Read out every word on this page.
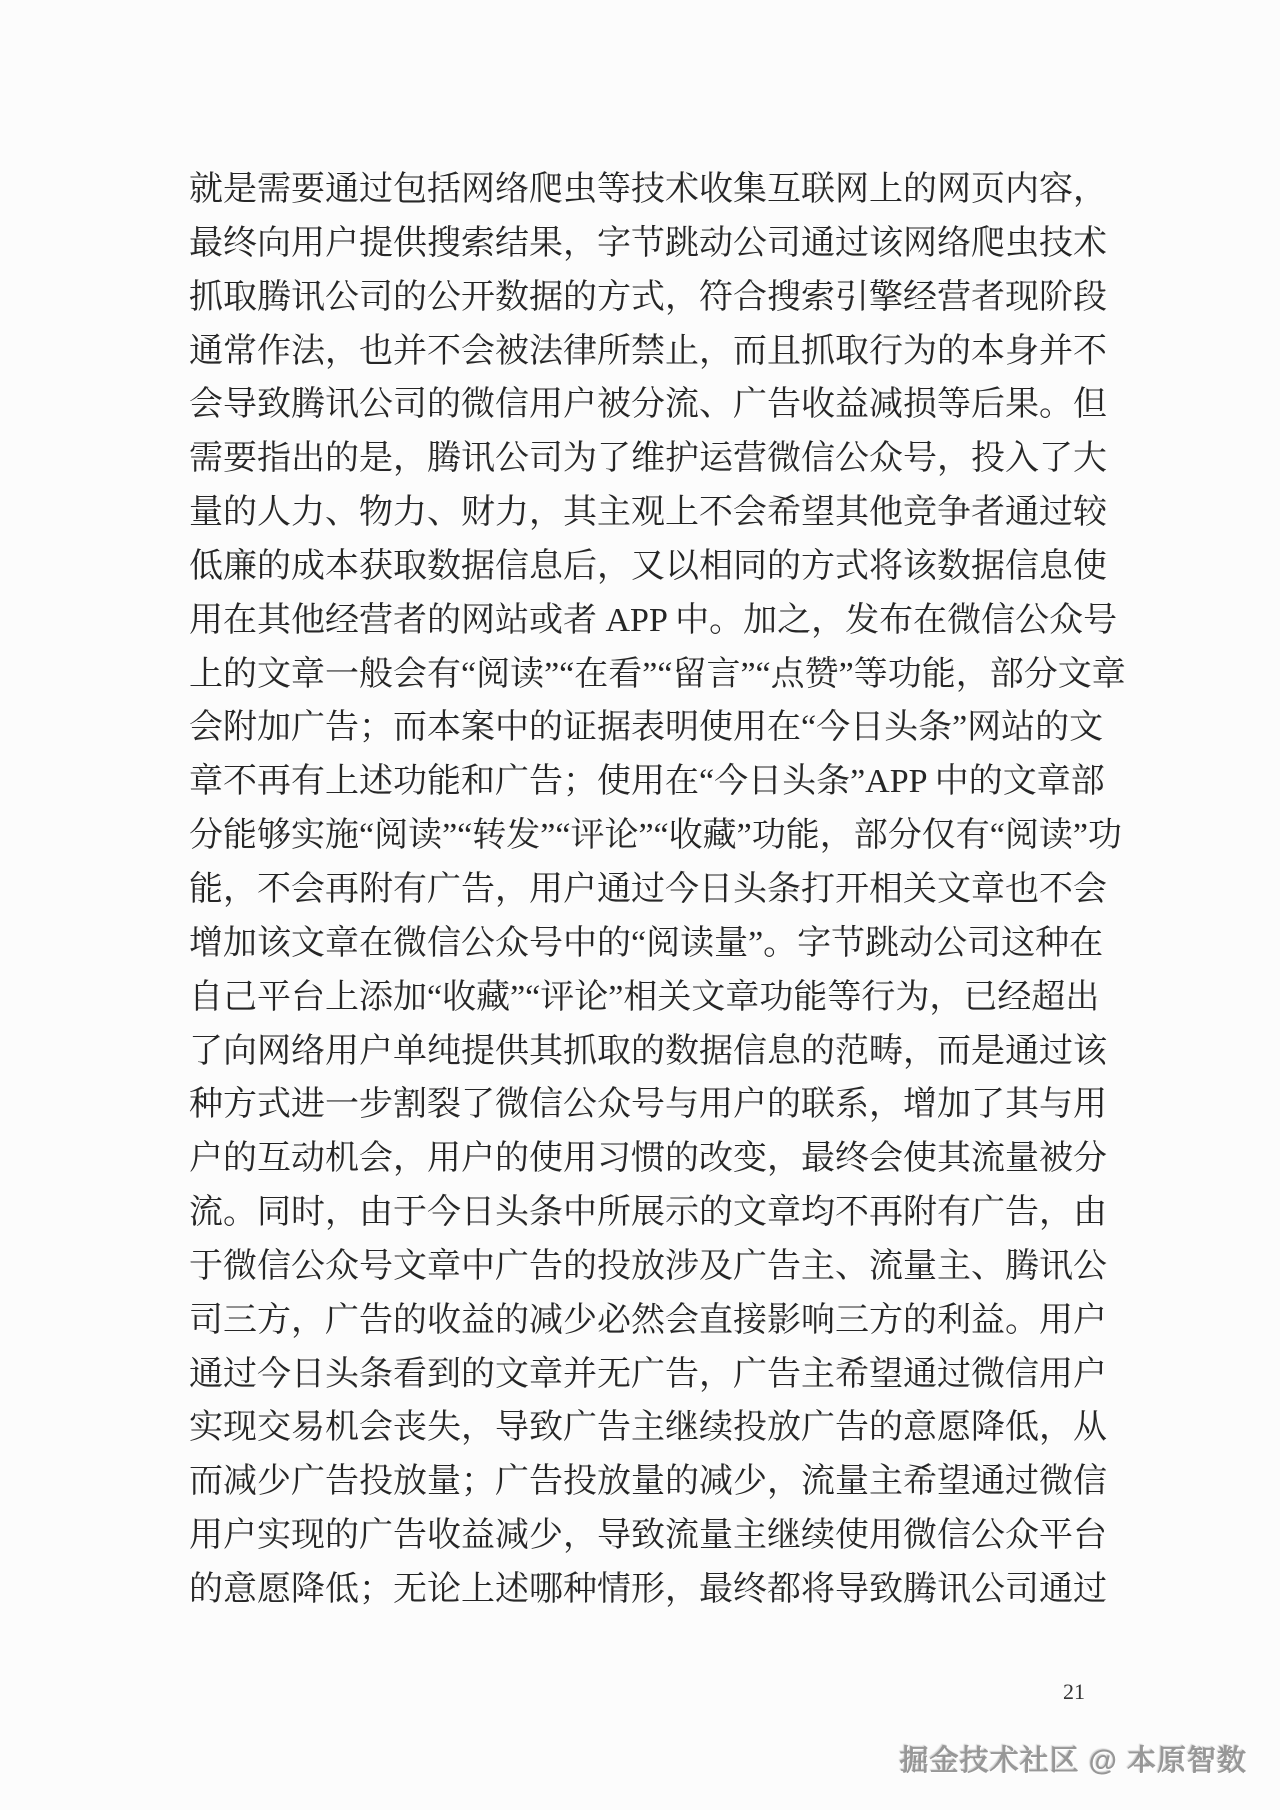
就是需要通过包括网络爬虫等技术收集互联网上的网页内容，
最终向用户提供搜索结果，字节跳动公司通过该网络爬虫技术
抓取腾讯公司的公开数据的方式，符合搜索引擎经营者现阶段
通常作法，也并不会被法律所禁止，而且抓取行为的本身并不
会导致腾讯公司的微信用户被分流、广告收益减损等后果。但
需要指出的是，腾讯公司为了维护运营微信公众号，投入了大
量的人力、物力、财力，其主观上不会希望其他竞争者通过较
低廉的成本获取数据信息后，又以相同的方式将该数据信息使
用在其他经营者的网站或者 APP 中。加之，发布在微信公众号
上的文章一般会有“阅读”“在看”“留言”“点赞”等功能，部分文章
会附加广告；而本案中的证据表明使用在“今日头条”网站的文
章不再有上述功能和广告；使用在“今日头条”APP 中的文章部
分能够实施“阅读”“转发”“评论”“收藏”功能，部分仅有“阅读”功
能，不会再附有广告，用户通过今日头条打开相关文章也不会
增加该文章在微信公众号中的“阅读量”。字节跳动公司这种在
自己平台上添加“收藏”“评论”相关文章功能等行为，已经超出
了向网络用户单纯提供其抓取的数据信息的范畴，而是通过该
种方式进一步割裂了微信公众号与用户的联系，增加了其与用
户的互动机会，用户的使用习惯的改变，最终会使其流量被分
流。同时，由于今日头条中所展示的文章均不再附有广告，由
于微信公众号文章中广告的投放涉及广告主、流量主、腾讯公
司三方，广告的收益的减少必然会直接影响三方的利益。用户
通过今日头条看到的文章并无广告，广告主希望通过微信用户
实现交易机会丧失，导致广告主继续投放广告的意愿降低，从
而减少广告投放量；广告投放量的减少，流量主希望通过微信
用户实现的广告收益减少，导致流量主继续使用微信公众平台
的意愿降低；无论上述哪种情形，最终都将导致腾讯公司通过
21
掘金技术社区 @ 本原智数
